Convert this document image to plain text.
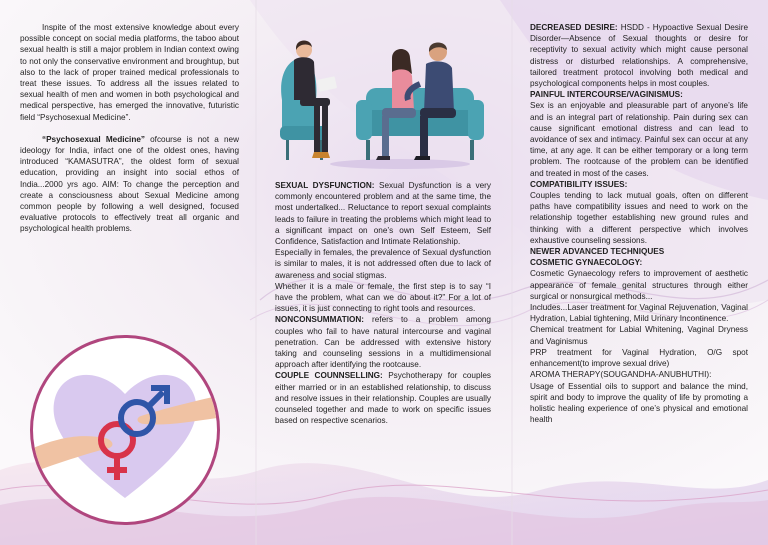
Inspite of the most extensive knowledge about every possible concept on social media platforms, the taboo about sexual health is still a major problem in Indian context owing to not only the conservative environment and broughtup, but also to the lack of proper trained medical professionals to treat these issues. To address all the issues related to sexual health of men and women in both psychological and medical perspective, has emerged the innovative, futuristic field “Psychosexual Medicine”.

“Psychosexual Medicine” ofcourse is not a new ideology for India, infact one of the oldest ones, having introduced “KAMASUTRA”, the oldest form of sexual education, providing an insight into social ethos of India...2000 yrs ago. AIM: To change the perception and create a consciousness about Sexual Medicine among common people by following a well designed, focused evaluative protocols to effectively treat all organic and psychological health problems.

SEXUAL DYSFUNCTION: Sexual Dysfunction is a very commonly encountered problem and at the same time, the most undertalked... Reluctance to report sexual complaints leads to failure in treating the problems which might lead to a significant impact on one’s own Self Esteem, Self Confidence, Satisfaction and Intimate Relationship.

Especially in females, the prevalence of Sexual dysfunction is similar to males, it is not addressed often due to lack of awareness and social stigmas.

Whether it is a male or female, the first step is to say “I have the problem, what can we do about it?” For a lot of issues, it is just connecting to right tools and resources.

NONCONSUMMATION: refers to a problem among couples who fail to have natural intercourse and vaginal penetration. Can be addressed with extensive history taking and counseling sessions in a multidimensional approach after identifying the rootcause.

COUPLE COUNNSELLING: Psychotherapy for couples either married or in an established relationship, to discuss and resolve issues in their relationship. Couples are usually counseled together and made to work on specific issues based on respective scenarios.

DECREASED DESIRE: HSDD - Hypoactive Sexual Desire Disorder—Absence of Sexual thoughts or desire for receptivity to sexual activity which might cause personal distress or disturbed relationships. A comprehensive, tailored treatment protocol involving both medical and psychological components helps in most couples.

PAINFUL INTERCOURSE/VAGINISMUS:

Sex is an enjoyable and pleasurable part of anyone’s life and is an integral part of relationship. Pain during sex can cause significant emotional distress and can lead to avoidance of sex and intimacy. Painful sex can occur at any time, at any age. It can be either temporary or a long term problem. The rootcause of the problem can be identified and treated in most of the cases.

COMPATIBILITY ISSUES:

Couples tending to lack mutual goals, often on different paths have compatibility issues and need to work on the relationship together establishing new ground rules and thinking with a different perspective which involves exhaustive counseling sessions.

NEWER ADVANCED TECHNIQUES

COSMETIC GYNAECOLOGY:

Cosmetic Gynaecology refers to improvement of aesthetic appearance of female genital structures through either surgical or nonsurgical methods...

Includes...Laser treatment for Vaginal Rejuvenation, Vaginal Hydration, Labial tightening, Mild Urinary Incontinence.

Chemical treatment for Labial Whitening, Vaginal Dryness and Vaginismus

PRP treatment for Vaginal Hydration, O/G spot enhancement(to improve sexual drive)

AROMA THERAPY(SOUGANDHA-ANUBHUTHI):

Usage of Essential oils to support and balance the mind, spirit and body to improve the quality of life by promoting a holistic healing experience of one’s physical and emotional health
